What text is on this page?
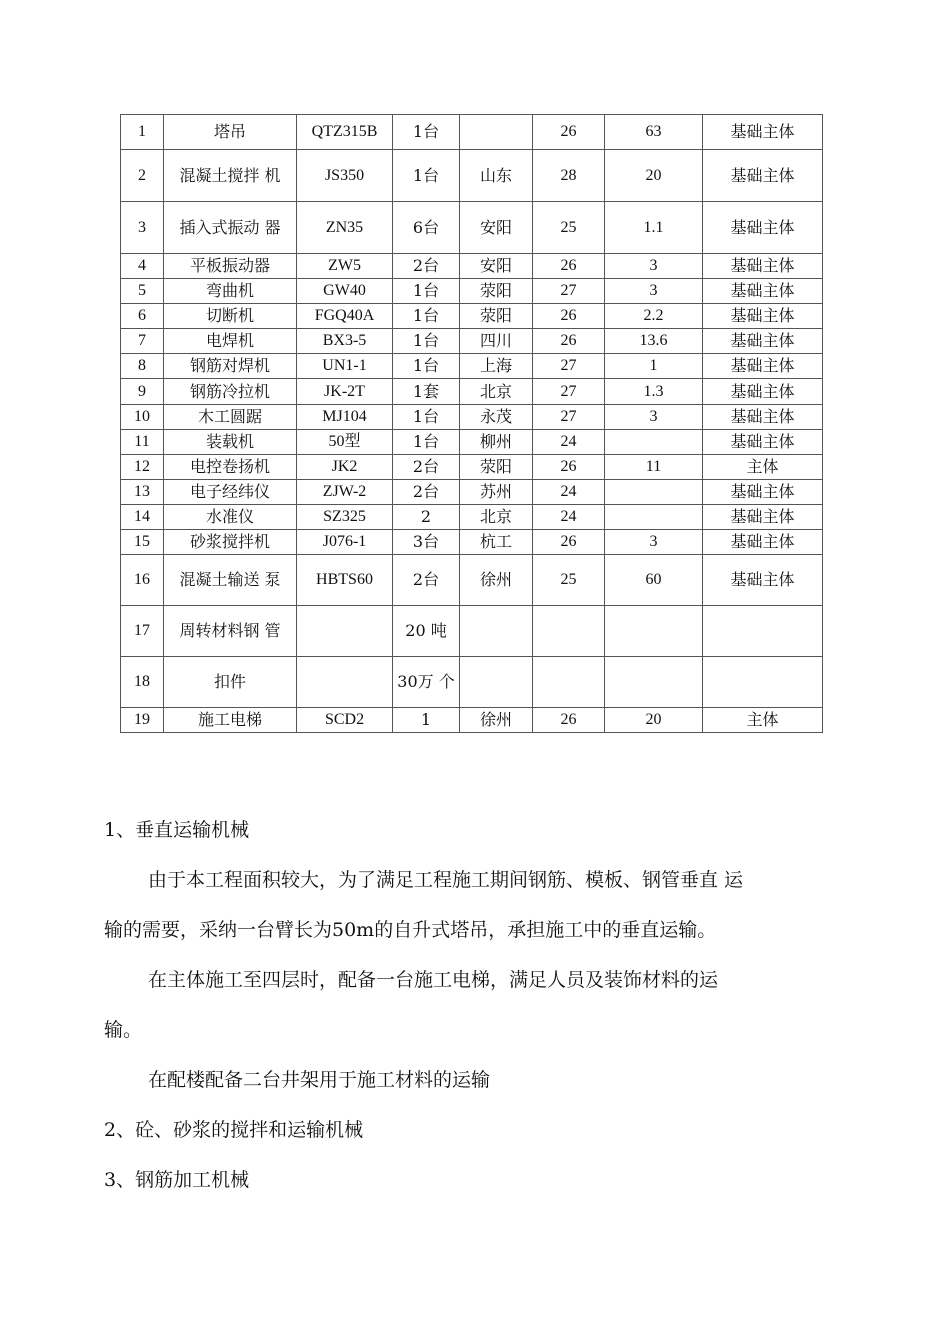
1	塔吊	QTZ315B	1台		26	63	基础主体
2	混凝土搅拌 机	JS350	1台	山东	28	20	基础主体
3	插入式振动 器	ZN35	6台	安阳	25	1.1	基础主体
4	平板振动器	ZW5	2台	安阳	26	3	基础主体
5	弯曲机	GW40	1台	荥阳	27	3	基础主体
6	切断机	FGQ40A	1台	荥阳	26	2.2	基础主体
7	电焊机	BX3-5	1台	四川	26	13.6	基础主体
8	钢筋对焊机	UN1-1	1台	上海	27	1	基础主体
9	钢筋冷拉机	JK-2T	1套	北京	27	1.3	基础主体
10	木工圆踞	MJ104	1台	永茂	27	3	基础主体
11	装载机	50型	1台	柳州	24		基础主体
12	电控卷扬机	JK2	2台	荥阳	26	11	主体
13	电子经纬仪	ZJW-2	2台	苏州	24		基础主体
14	水准仪	SZ325	2	北京	24		基础主体
15	砂浆搅拌机	J076-1	3台	杭工	26	3	基础主体
16	混凝土输送 泵	HBTS60	2台	徐州	25	60	基础主体
17	周转材料钢 管		20 吨				
18	扣件		30万 个				
19	施工电梯	SCD2	1	徐州	26	20	主体
1、垂直运输机械
由于本工程面积较大，为了满足工程施工期间钢筋、模板、钢管垂直 运
输的需要，采纳一台臂长为50m的自升式塔吊，承担施工中的垂直运输。
在主体施工至四层时，配备一台施工电梯，满足人员及装饰材料的运
输。
在配楼配备二台井架用于施工材料的运输
2、砼、砂浆的搅拌和运输机械
3、钢筋加工机械
